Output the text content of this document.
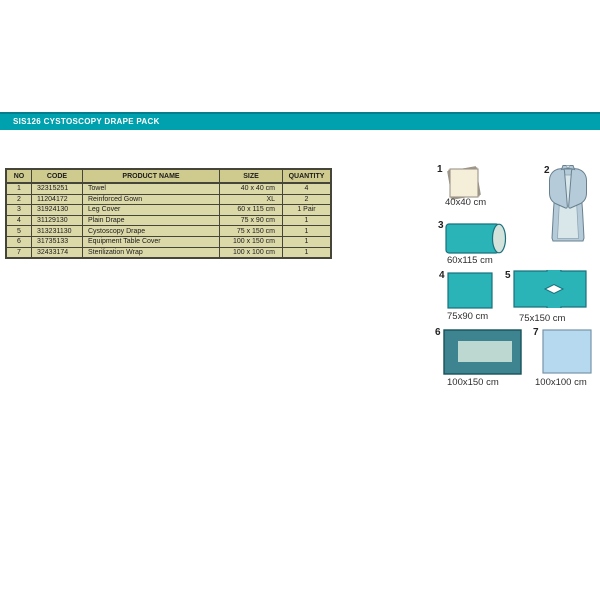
SIS126 CYSTOSCOPY DRAPE PACK
NO	CODE	PRODUCT NAME	SIZE	QUANTITY
1	32315251	Towel	40 x 40 cm	4
2	11204172	Reinforced Gown	XL	2
3	31924130	Leg Cover	60 x 115 cm	1 Pair
4	31129130	Plain Drape	75 x 90 cm	1
5	313231130	Cystoscopy Drape	75 x 150 cm	1
6	31735133	Equipment Table Cover	100 x 150 cm	1
7	32433174	Sterilization Wrap	100 x 100 cm	1
1
40x40 cm
2
3
60x115 cm
4
75x90 cm
5
75x150 cm
6
100x150 cm
7
100x100 cm
